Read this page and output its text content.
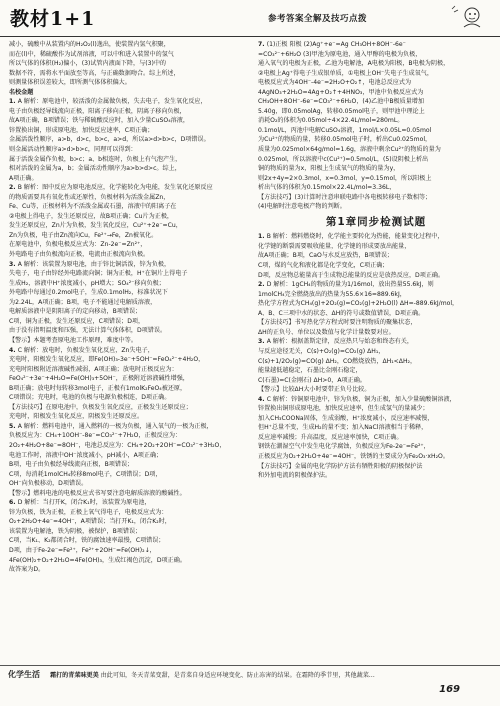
教材1+1	参考答案全解及技巧点拨

减小，硫酸中从装置内的H₂O₂(l)逸出，使装置内氢气积聚，

而在(l)中，稀硫酸作为试剂溶液，可以中和进入装置中的氢气

所以气体的体积(H₂)偏小，(3)试管内液面下降，与(3)中的

数据不符，需将水平面放至等高，与正确数据吻合。综上所述，

则测量体积误差较大，即所测气体体积偏大。

名校金题

1. A 解析：原电池中，较活泼的金属做负极，失去电子，发生氧化反应，

电子由负极经导线流向正极，阳离子移向正极，阴离子移向负极，

故A项正确，B项错误；铁与稀硫酸反应时，加入少量CuSO₄溶液，

锌置换出铜，形成原电池，加快反应速率，C项正确；

金属活泼性顺序，a>b，d>c，b>c，a>d，所以a>d>b>c，D项错误。

则金属活动性顺序a>d>b>c，同理可以得到：

属于活泼金属作负极，b>c；a、b相连时，负极上有气泡产生，

相对活泼的金属为a，b；金属活动性顺序为a>b>d>c。综上，

A项正确。

2. B 解析：图中反应为原电池反应，化学能转化为电能，发生氧化还原反应

的物质需要具有氧化性或还原性，负极材料为活泼金属Zn，

Fe、Cu等，正极材料为不活泼金属或石墨，溶液中的阳离子在

②电极上得电子，发生还原反应，故B项正确；Cu片为正极，

发生还原反应，Zn片为负极，发生氧化反应，Cu²⁺+2e⁻=Cu，

Zn为负极，电子由Zn流向Cu，Fe²⁺→Fe，Zn被氧化。

在原电池中，负极电极反应式为：Zn-2e⁻=Zn²⁺，

外电路电子由负极流向正极，电流由正极流向负极。

3. A 解析：该装置为原电池，由于锌比铜活泼，锌为负极，

失电子，电子由锌经外电路流向铜；铜为正极，H⁺在铜片上得电子

生成H₂，溶液中H⁺浓度减小，pH增大；SO₄²⁻移向负极；

外电路中每通过0.2mol电子，生成0.1molH₂，标准状况下

为2.24L，A项正确；B项，电子不能通过电解质溶液，

电解质溶液中是阴阳离子的定向移动，B项错误；

C项，铜为正极，发生还原反应，C项错误；D项，

由于没有指明温度和压强，无法计算气体体积，D项错误。

【警示】本题考查原电池工作原理，难度中等。

4. C 解析：放电时，负极发生氧化反应，Zn失电子，

充电时，阳极发生氧化反应，即Fe(OH)₃-3e⁻+5OH⁻=FeO₄²⁻+4H₂O，

充电时阳极附近溶液碱性减弱，A项正确；放电时正极反应为：

FeO₄²⁻+3e⁻+4H₂O=Fe(OH)₃+5OH⁻，正极附近溶液碱性增强，

B项正确；放电时每转移3mol电子，正极有1molK₂FeO₄被还原，

C项错误；充电时，电池的负极与电源负极相连，D项正确。

【方法技巧】在原电池中，负极发生氧化反应，正极发生还原反应；

充电时，阳极发生氧化反应，阴极发生还原反应。

5. A 解析：燃料电池中，通入燃料的一极为负极，通入氧气的一极为正极，

负极反应为：CH₄+10OH⁻-8e⁻=CO₃²⁻+7H₂O，正极反应为：

2O₂+4H₂O+8e⁻=8OH⁻，电池总反应为：CH₄+2O₂+2OH⁻=CO₃²⁻+3H₂O，

电池工作时，溶液中OH⁻浓度减小，pH减小，A项正确；

B项，电子由负极经导线流向正极，B项错误；

C项，每消耗1molCH₄转移8mol电子，C项错误；D项，

OH⁻向负极移动，D项错误。

【警示】燃料电池的电极反应式书写要注意电解质溶液的酸碱性。

6. D 解析：当打开K，闭合K₁时，该装置为原电池，

锌为负极，铁为正极，正极上氧气得电子，电极反应式为：

O₂+2H₂O+4e⁻=4OH⁻，A项错误；当打开K₁，闭合K₂时，

该装置为电解池，铁为阴极，被保护，B项错误；

C项，当K₁、K₂都闭合时，铁的腐蚀速率最慢，C项错误；

D项，由于Fe-2e⁻=Fe²⁺，Fe²⁺+2OH⁻=Fe(OH)₂↓，

4Fe(OH)₂+O₂+2H₂O=4Fe(OH)₃，生成红褐色沉淀，D项正确。

故答案为D。

7. (1)正极 阳极 (2)Ag⁺+e⁻=Ag CH₃OH+8OH⁻-6e⁻

=CO₃²⁻+6H₂O (3)甲池为原电池，通入甲醇的电极为负极，

通入氧气的电极为正极，乙池为电解池，A电极为阳极，B电极为阴极，

②电极上Ag⁺得电子生成银单质，①电极上OH⁻失电子生成氧气，

电极反应式为4OH⁻-4e⁻=2H₂O+O₂↑，电池总反应式为

4AgNO₃+2H₂O=4Ag+O₂↑+4HNO₃，甲池中负极反应式为

CH₃OH+8OH⁻-6e⁻=CO₃²⁻+6H₂O，(4)乙池中B极质量增加

5.40g，即0.05molAg，转移0.05mol电子，则甲池中理论上

消耗O₂的体积为0.05mol÷4×22.4L/mol=280mL。

0.1mol/L，丙池中电解CuSO₄溶液，1mol/L×0.05L=0.05mol

为Cu²⁺的物质的量，转移0.05mol电子时，析出Cu0.025mol，

质量为0.025mol×64g/mol=1.6g，溶液中剩余Cu²⁺的物质的量为

0.025mol，所以溶液中c(Cu²⁺)=0.5mol/L，(5)设阴极上析出

铜的物质的量为x，阳极上生成氧气的物质的量为y，

则2x+4y=2×0.3mol，x=0.3mol，y=0.15mol，所以阳极上

析出气体的体积为0.15mol×22.4L/mol=3.36L，

【方法技巧】(3)计算时注意串联电路中各电极转移电子数相等；

(4)电解时注意电极产物的判断。

第1章同步检测试题

1. B 解析：燃料燃烧时，化学能主要转化为热能，能量变化过程中，

化学键的断裂需要吸收能量，化学键的形成要放出能量，

故A项正确；B项，CaO与水反应放热，B项错误；

C项，煤的气化和液化都是化学变化，C项正确；

D项，反应物总能量高于生成物总能量的反应是放热反应，D项正确。

2. D 解析：1gCH₄的物质的量为1/16mol，放出热量55.6kJ，则

1molCH₄完全燃烧放出的热量为55.6×16=889.6kJ，

热化学方程式为CH₄(g)+2O₂(g)=CO₂(g)+2H₂O(l) ΔH=-889.6kJ/mol，

A、B、C三项中水的状态、ΔH的符号或数值错误，D项正确。

【方法技巧】书写热化学方程式时要注明物质的聚集状态，

ΔH的正负号、单位以及数值与化学计量数要对应。

3. A 解析：根据盖斯定律，反应热只与始态和终态有关，

与反应途径无关，C(s)+O₂(g)=CO₂(g) ΔH₁，

C(s)+1/2O₂(g)=CO(g) ΔH₂，CO燃烧放热，ΔH₁<ΔH₂，

能量越低越稳定，石墨比金刚石稳定，

C(石墨)=C(金刚石) ΔH>0，A项正确。

【警示】比较ΔH大小时要带正负号比较。

4. C 解析：锌铜原电池中，锌为负极，铜为正极，加入少量硫酸铜溶液，

锌置换出铜形成原电池，加快反应速率，但生成氢气的量减少；

加入CH₃COONa固体，生成弱酸，H⁺浓度减小，反应速率减慢，

但H⁺总量不变，生成H₂的量不变；加入NaCl溶液相当于稀释，

反应速率减慢；升高温度，反应速率加快，C项正确。

钢铁在潮湿空气中发生电化学腐蚀，负极反应为Fe-2e⁻=Fe²⁺，

正极反应为O₂+2H₂O+4e⁻=4OH⁻，铁锈的主要成分为Fe₂O₃·xH₂O。

【方法技巧】金属的电化学防护方法有牺牲阳极的阴极保护法

和外加电流的阴极保护法。

化学生活	霜打的青菜味更美 由此可知，冬天青菜变甜，是青菜自身适应环境变化、防止冻害的结果。在霜降的季节里，其他蔬菜…
169
